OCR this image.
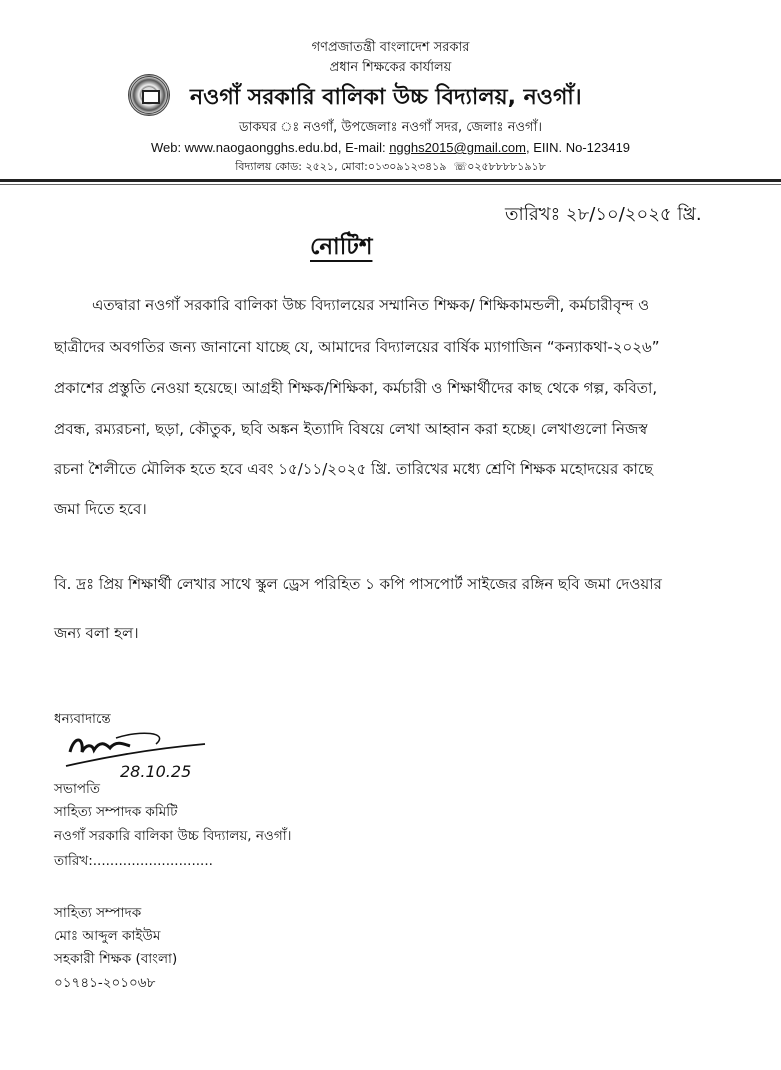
গণপ্রজাতন্ত্রী বাংলাদেশ সরকার
প্রধান শিক্ষকের কার্যালয়
নওগাঁ সরকারি বালিকা উচ্চ বিদ্যালয়, নওগাঁ।
ডাকঘর ঃ নওগাঁ, উপজেলাঃ নওগাঁ সদর, জেলাঃ নওগাঁ।
Web: www.naogaongghs.edu.bd, E-mail: ngghs2015@gmail.com, EIIN. No-123419
বিদ্যালয় কোড: ২৫২১, মোবা:০১৩০৯১২৩৪১৯ ☏০২৫৮৮৮৮১৯১৮
তারিখঃ ২৮/১০/২০২৫ খ্রি.
নোটিশ
এতদ্বারা নওগাঁ সরকারি বালিকা উচ্চ বিদ্যালয়ের সম্মানিত শিক্ষক/ শিক্ষিকামন্ডলী, কর্মচারীবৃন্দ ও
ছাত্রীদের অবগতির জন্য জানানো যাচ্ছে যে, আমাদের বিদ্যালয়ের বার্ষিক ম্যাগাজিন “কন্যাকথা-২০২৬”
প্রকাশের প্রস্তুতি নেওয়া হয়েছে। আগ্রহী শিক্ষক/শিক্ষিকা, কর্মচারী ও শিক্ষার্থীদের কাছ থেকে গল্প, কবিতা,
প্রবন্ধ, রম্যরচনা, ছড়া, কৌতুক, ছবি অঙ্কন ইত্যাদি বিষয়ে লেখা আহ্বান করা হচ্ছে। লেখাগুলো নিজস্ব
রচনা শৈলীতে মৌলিক হতে হবে এবং ১৫/১১/২০২৫ খ্রি. তারিখের মধ্যে শ্রেণি শিক্ষক মহোদয়ের কাছে
জমা দিতে হবে।
বি. দ্রঃ প্রিয় শিক্ষার্থী লেখার সাথে স্কুল ড্রেস পরিহিত ১ কপি পাসপোর্ট সাইজের রঙ্গিন ছবি জমা দেওয়ার
জন্য বলা হল।
ধন্যবাদান্তে
28.10.25
সভাপতি
সাহিত্য সম্পাদক কমিটি
নওগাঁ সরকারি বালিকা উচ্চ বিদ্যালয়, নওগাঁ।
তারিখ:............................
সাহিত্য সম্পাদক
মোঃ আব্দুল কাইউম
সহকারী শিক্ষক (বাংলা)
০১৭৪১-২০১০৬৮
